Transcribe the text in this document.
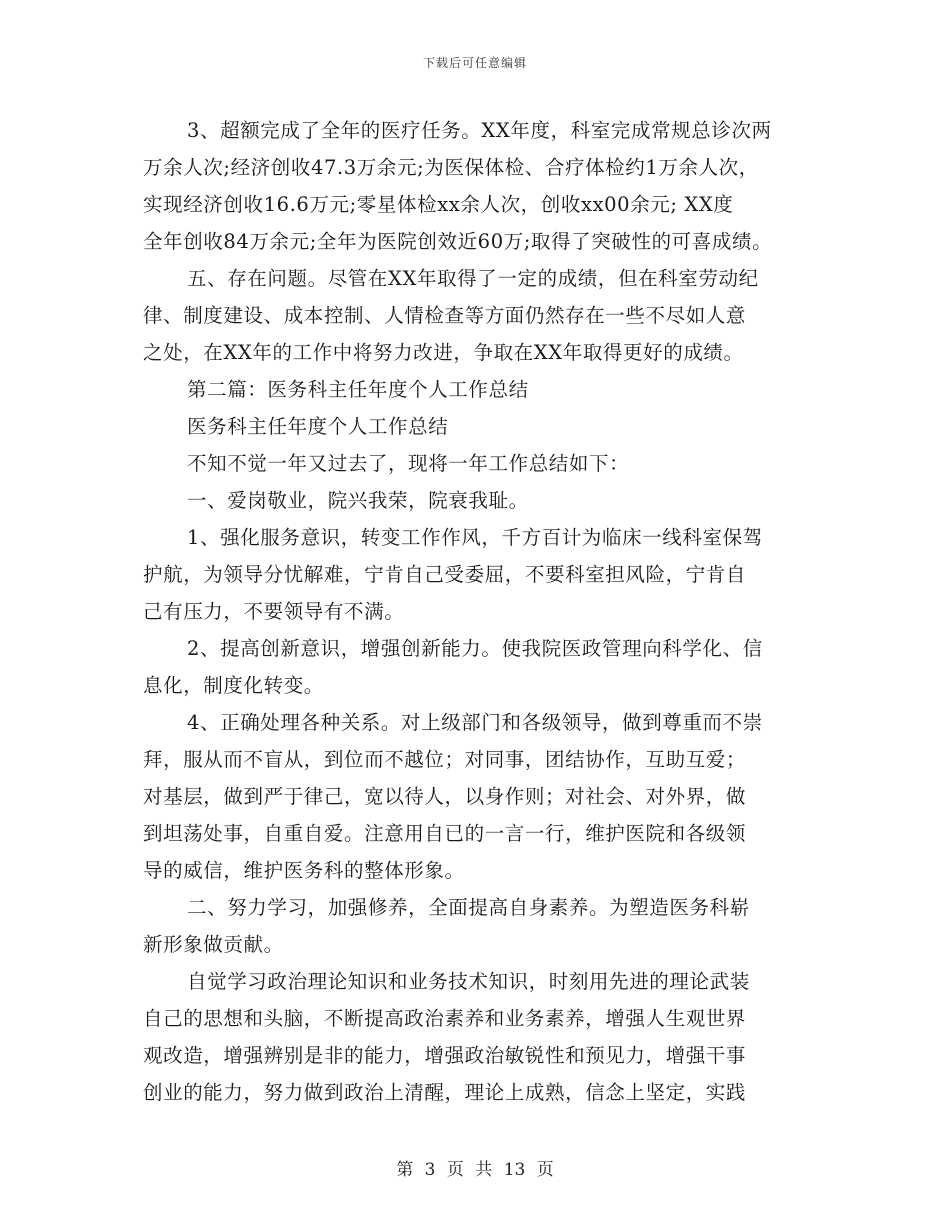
下载后可任意编辑
3、超额完成了全年的医疗任务。XX年度，科室完成常规总诊次两
万余人次;经济创收47.3万余元;为医保体检、合疗体检约1万余人次，
实现经济创收16.6万元;零星体检xx余人次，创收xx00余元; XX度
全年创收84万余元;全年为医院创效近60万;取得了突破性的可喜成绩。
五、存在问题。尽管在XX年取得了一定的成绩，但在科室劳动纪
律、制度建设、成本控制、人情检查等方面仍然存在一些不尽如人意
之处，在XX年的工作中将努力改进，争取在XX年取得更好的成绩。
第二篇：医务科主任年度个人工作总结
医务科主任年度个人工作总结
不知不觉一年又过去了，现将一年工作总结如下：
一、爱岗敬业，院兴我荣，院衰我耻。
1、强化服务意识，转变工作作风，千方百计为临床一线科室保驾
护航，为领导分忧解难，宁肯自己受委屈，不要科室担风险，宁肯自
己有压力，不要领导有不满。
2、提高创新意识，增强创新能力。使我院医政管理向科学化、信
息化，制度化转变。
4、正确处理各种关系。对上级部门和各级领导，做到尊重而不崇
拜，服从而不盲从，到位而不越位；对同事，团结协作，互助互爱；
对基层，做到严于律己，宽以待人，以身作则；对社会、对外界，做
到坦荡处事，自重自爱。注意用自已的一言一行，维护医院和各级领
导的威信，维护医务科的整体形象。
二、努力学习，加强修养，全面提高自身素养。为塑造医务科崭
新形象做贡献。
自觉学习政治理论知识和业务技术知识，时刻用先进的理论武装
自己的思想和头脑，不断提高政治素养和业务素养，增强人生观世界
观改造，增强辨别是非的能力，增强政治敏锐性和预见力，增强干事
创业的能力，努力做到政治上清醒，理论上成熟，信念上坚定，实践
第 3 页 共 13 页
